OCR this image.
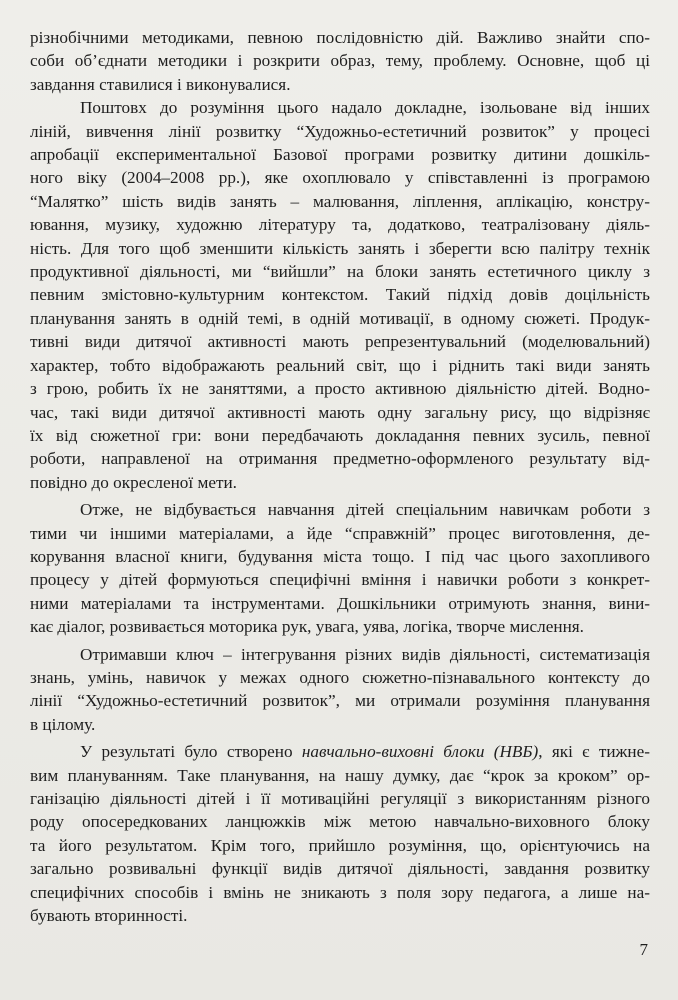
різнобічними методиками, певною послідовністю дій. Важливо знайти спо-
соби об’єднати методики і розкрити образ, тему, проблему. Основне, щоб ці
завдання ставилися і виконувалися.
Поштовх до розуміння цього надало докладне, ізольоване від інших
ліній, вивчення лінії розвитку “Художньо-естетичний розвиток” у процесі
апробації експериментальної Базової програми розвитку дитини дошкіль-
ного віку (2004–2008 рр.), яке охоплювало у співставленні із програмою
“Малятко” шість видів занять – малювання, ліплення, аплікацію, констру-
ювання, музику, художню літературу та, додатково, театралізовану діяль-
ність. Для того щоб зменшити кількість занять і зберегти всю палітру технік
продуктивної діяльності, ми “вийшли” на блоки занять естетичного циклу з
певним змістовно-культурним контекстом. Такий підхід довів доцільність
планування занять в одній темі, в одній мотивації, в одному сюжеті. Продук-
тивні види дитячої активності мають репрезентувальний (моделювальний)
характер, тобто відображають реальний світ, що і ріднить такі види занять
з грою, робить їх не заняттями, а просто активною діяльністю дітей. Водно-
час, такі види дитячої активності мають одну загальну рису, що відрізняє
їх від сюжетної гри: вони передбачають докладання певних зусиль, певної
роботи, направленої на отримання предметно-оформленого результату від-
повідно до окресленої мети.
Отже, не відбувається навчання дітей спеціальним навичкам роботи з
тими чи іншими матеріалами, а йде “справжній” процес виготовлення, де-
корування власної книги, будування міста тощо. І під час цього захопливого
процесу у дітей формуються специфічні вміння і навички роботи з конкрет-
ними матеріалами та інструментами. Дошкільники отримують знання, вини-
кає діалог, розвивається моторика рук, увага, уява, логіка, творче мислення.
Отримавши ключ – інтегрування різних видів діяльності, систематизація
знань, умінь, навичок у межах одного сюжетно-пізнавального контексту до
лінії “Художньо-естетичний розвиток”, ми отримали розуміння планування
в цілому.
У результаті було створено навчально-виховні блоки (НВБ), які є тижне-
вим плануванням. Таке планування, на нашу думку, дає “крок за кроком” ор-
ганізацію діяльності дітей і її мотиваційні регуляції з використанням різного
роду опосередкованих ланцюжків між метою навчально-виховного блоку
та його результатом. Крім того, прийшло розуміння, що, орієнтуючись на
загально розвивальні функції видів дитячої діяльності, завдання розвитку
специфічних способів і вмінь не зникають з поля зору педагога, а лише на-
бувають вторинності.
7
